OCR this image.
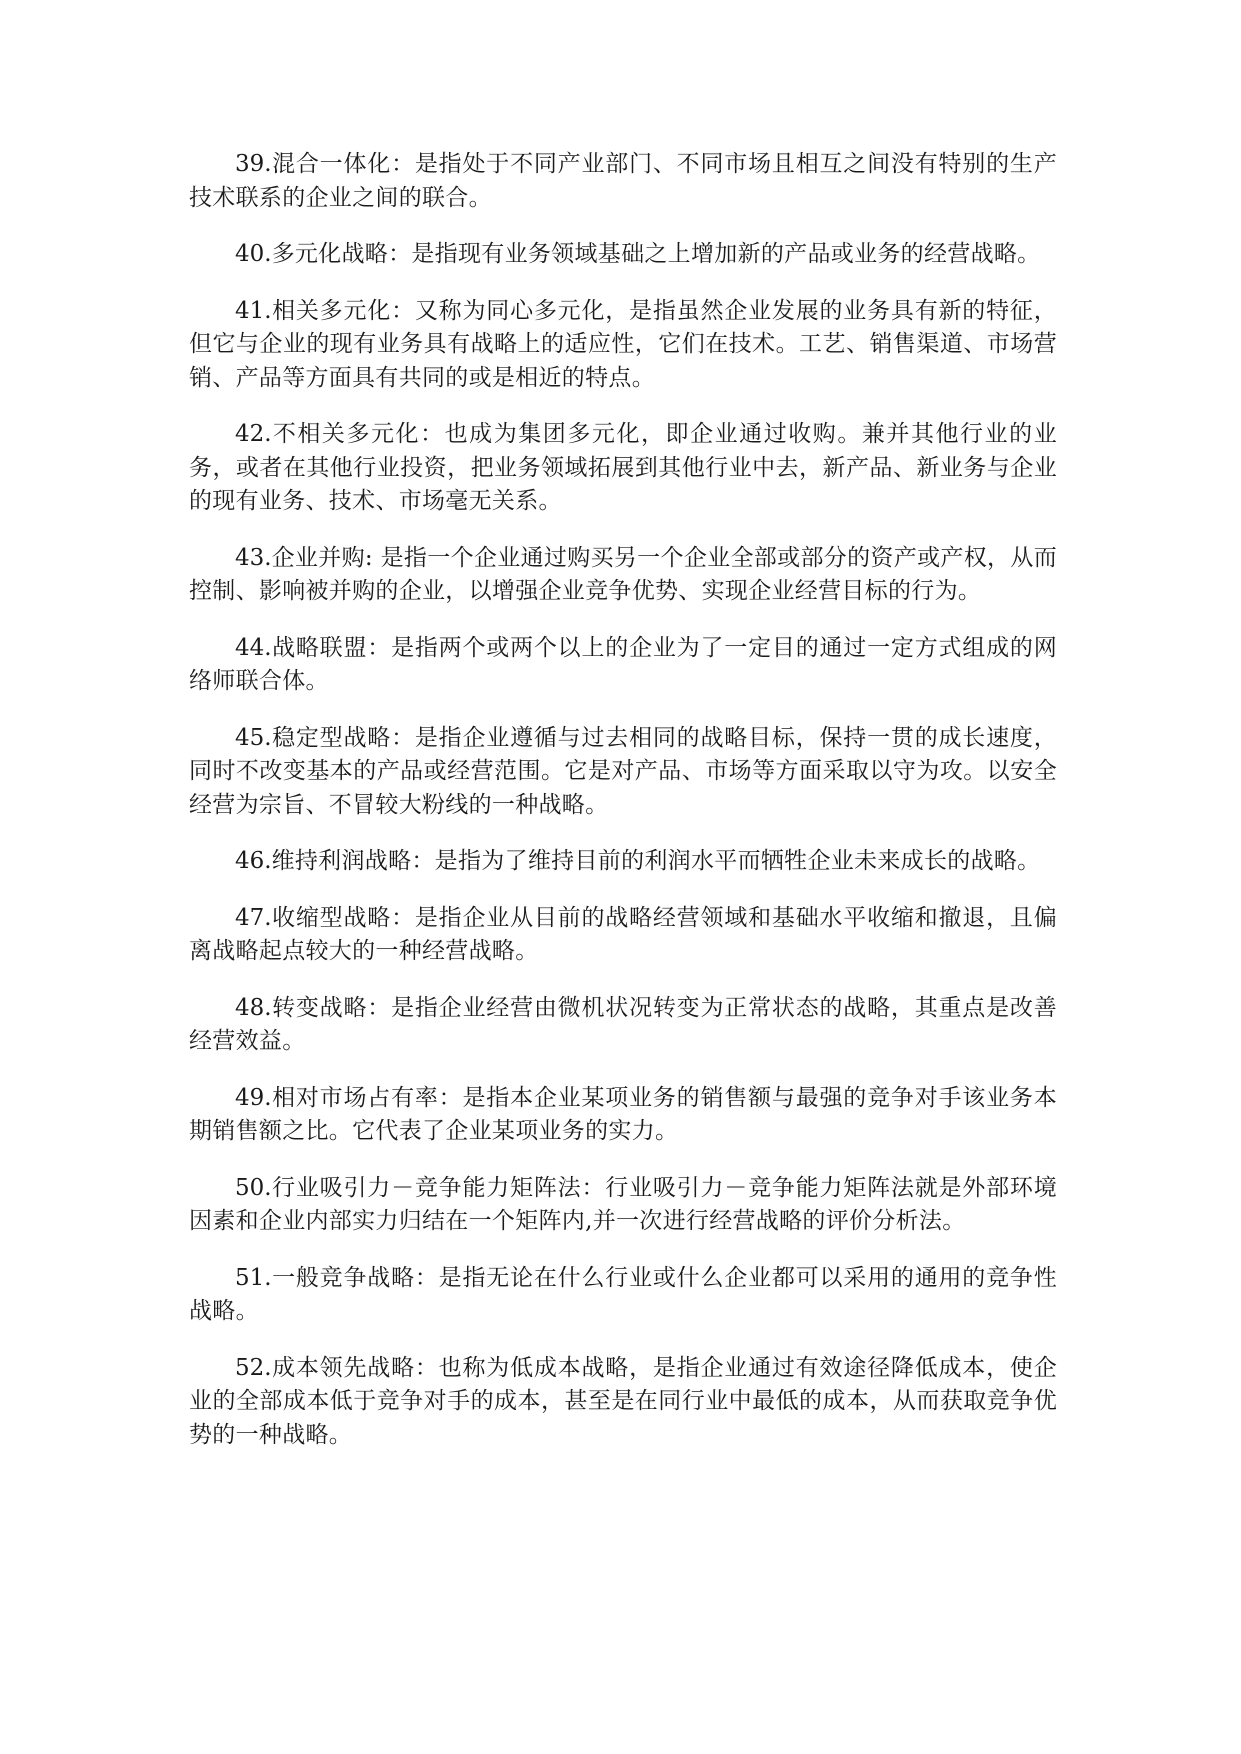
39.混合一体化：是指处于不同产业部门、不同市场且相互之间没有特别的生产技术联系的企业之间的联合。

40.多元化战略：是指现有业务领域基础之上增加新的产品或业务的经营战略。

41.相关多元化：又称为同心多元化，是指虽然企业发展的业务具有新的特征，但它与企业的现有业务具有战略上的适应性，它们在技术。工艺、销售渠道、市场营销、产品等方面具有共同的或是相近的特点。

42.不相关多元化：也成为集团多元化，即企业通过收购。兼并其他行业的业务，或者在其他行业投资，把业务领域拓展到其他行业中去，新产品、新业务与企业的现有业务、技术、市场毫无关系。

43.企业并购: 是指一个企业通过购买另一个企业全部或部分的资产或产权，从而控制、影响被并购的企业，以增强企业竞争优势、实现企业经营目标的行为。

44.战略联盟：是指两个或两个以上的企业为了一定目的通过一定方式组成的网络师联合体。

45.稳定型战略：是指企业遵循与过去相同的战略目标，保持一贯的成长速度，同时不改变基本的产品或经营范围。它是对产品、市场等方面采取以守为攻。以安全经营为宗旨、不冒较大粉线的一种战略。

46.维持利润战略：是指为了维持目前的利润水平而牺牲企业未来成长的战略。

47.收缩型战略：是指企业从目前的战略经营领域和基础水平收缩和撤退，且偏离战略起点较大的一种经营战略。

48.转变战略：是指企业经营由微机状况转变为正常状态的战略，其重点是改善经营效益。

49.相对市场占有率：是指本企业某项业务的销售额与最强的竞争对手该业务本期销售额之比。它代表了企业某项业务的实力。

50.行业吸引力－竞争能力矩阵法：行业吸引力－竞争能力矩阵法就是外部环境因素和企业内部实力归结在一个矩阵内,并一次进行经营战略的评价分析法。

51.一般竞争战略：是指无论在什么行业或什么企业都可以采用的通用的竞争性战略。

52.成本领先战略：也称为低成本战略，是指企业通过有效途径降低成本，使企业的全部成本低于竞争对手的成本，甚至是在同行业中最低的成本，从而获取竞争优势的一种战略。
